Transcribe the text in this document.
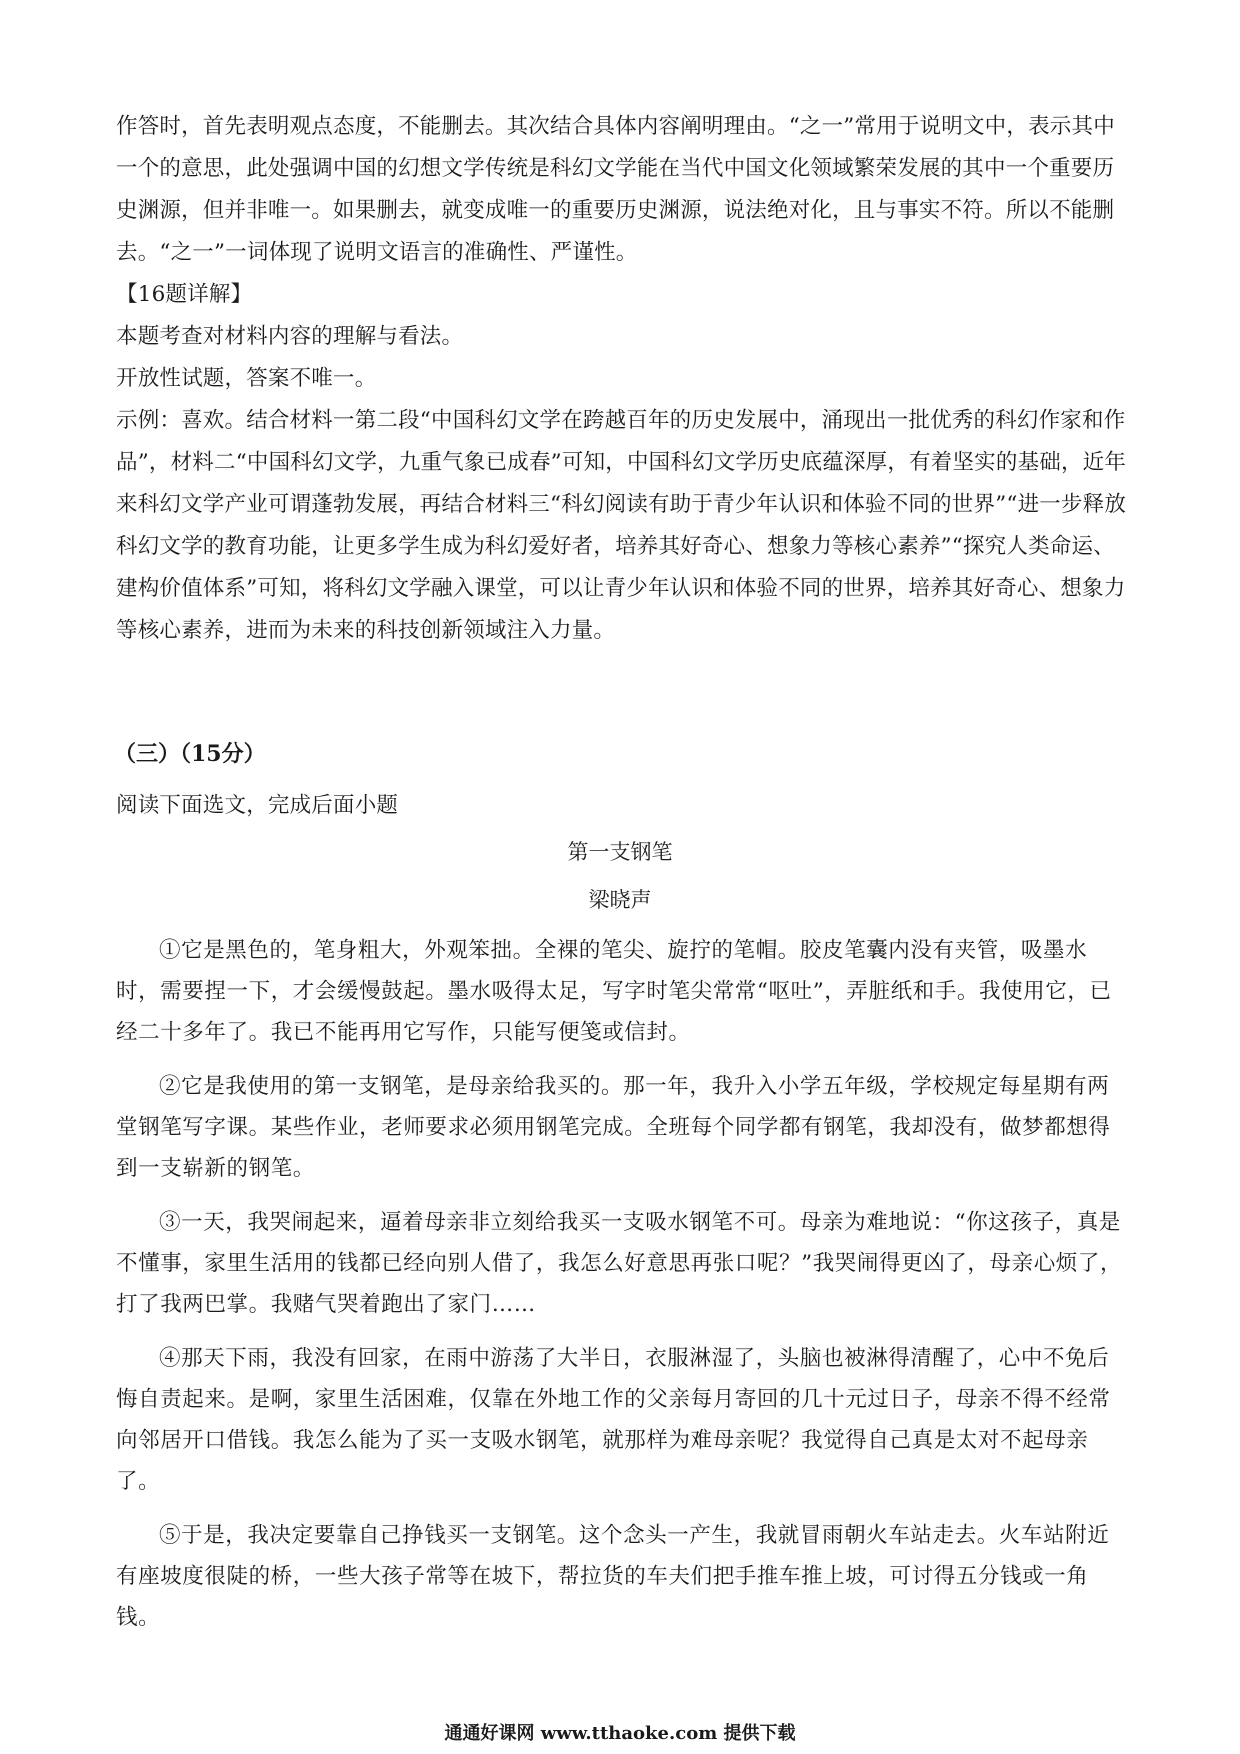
作答时，首先表明观点态度，不能删去。其次结合具体内容阐明理由。“之一”常用于说明文中，表示其中一个的意思，此处强调中国的幻想文学传统是科幻文学能在当代中国文化领域繁荣发展的其中一个重要历史渊源，但并非唯一。如果删去，就变成唯一的重要历史渊源，说法绝对化，且与事实不符。所以不能删去。“之一”一词体现了说明文语言的准确性、严谨性。

【16题详解】

本题考查对材料内容的理解与看法。

开放性试题，答案不唯一。

示例：喜欢。结合材料一第二段“中国科幻文学在跨越百年的历史发展中，涌现出一批优秀的科幻作家和作品”，材料二“中国科幻文学，九重气象已成春”可知，中国科幻文学历史底蕴深厚，有着坚实的基础，近年来科幻文学产业可谓蓬勃发展，再结合材料三“科幻阅读有助于青少年认识和体验不同的世界”“进一步释放科幻文学的教育功能，让更多学生成为科幻爱好者，培养其好奇心、想象力等核心素养”“探究人类命运、建构价值体系”可知，将科幻文学融入课堂，可以让青少年认识和体验不同的世界，培养其好奇心、想象力等核心素养，进而为未来的科技创新领域注入力量。

（三）（15分）

阅读下面选文，完成后面小题

第一支钢笔

梁晓声

①它是黑色的，笔身粗大，外观笨拙。全裸的笔尖、旋拧的笔帽。胶皮笔囊内没有夹管，吸墨水时，需要捏一下，才会缓慢鼓起。墨水吸得太足，写字时笔尖常常“呕吐”，弄脏纸和手。我使用它，已经二十多年了。我已不能再用它写作，只能写便笺或信封。

②它是我使用的第一支钢笔，是母亲给我买的。那一年，我升入小学五年级，学校规定每星期有两堂钢笔写字课。某些作业，老师要求必须用钢笔完成。全班每个同学都有钢笔，我却没有，做梦都想得到一支崭新的钢笔。

③一天，我哭闹起来，逼着母亲非立刻给我买一支吸水钢笔不可。母亲为难地说：“你这孩子，真是不懂事，家里生活用的钱都已经向别人借了，我怎么好意思再张口呢？”我哭闹得更凶了，母亲心烦了，打了我两巴掌。我赌气哭着跑出了家门……

④那天下雨，我没有回家，在雨中游荡了大半日，衣服淋湿了，头脑也被淋得清醒了，心中不免后悔自责起来。是啊，家里生活困难，仅靠在外地工作的父亲每月寄回的几十元过日子，母亲不得不经常向邻居开口借钱。我怎么能为了买一支吸水钢笔，就那样为难母亲呢？我觉得自己真是太对不起母亲了。

⑤于是，我决定要靠自己挣钱买一支钢笔。这个念头一产生，我就冒雨朝火车站走去。火车站附近有座坡度很陡的桥，一些大孩子常等在坡下，帮拉货的车夫们把手推车推上坡，可讨得五分钱或一角钱。

通通好课网 www.tthaoke.com 提供下载
